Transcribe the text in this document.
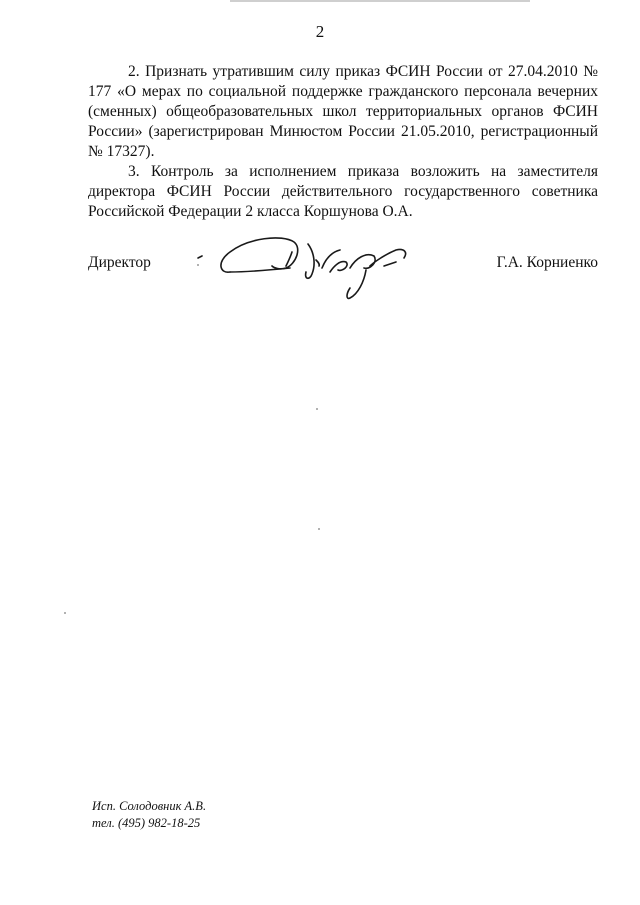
2

2. Признать утратившим силу приказ ФСИН России от 27.04.2010 № 177 «О мерах по социальной поддержке гражданского персонала вечерних (сменных) общеобразовательных школ территориальных органов ФСИН России» (зарегистрирован Минюстом России 21.05.2010, регистрационный № 17327).

3. Контроль за исполнением приказа возложить на заместителя директора ФСИН России действительного государственного советника Российской Федерации 2 класса Коршунова О.А.

Директор	Г.А. Корниенко
Исп. Солодовник А.В.
тел. (495) 982-18-25
